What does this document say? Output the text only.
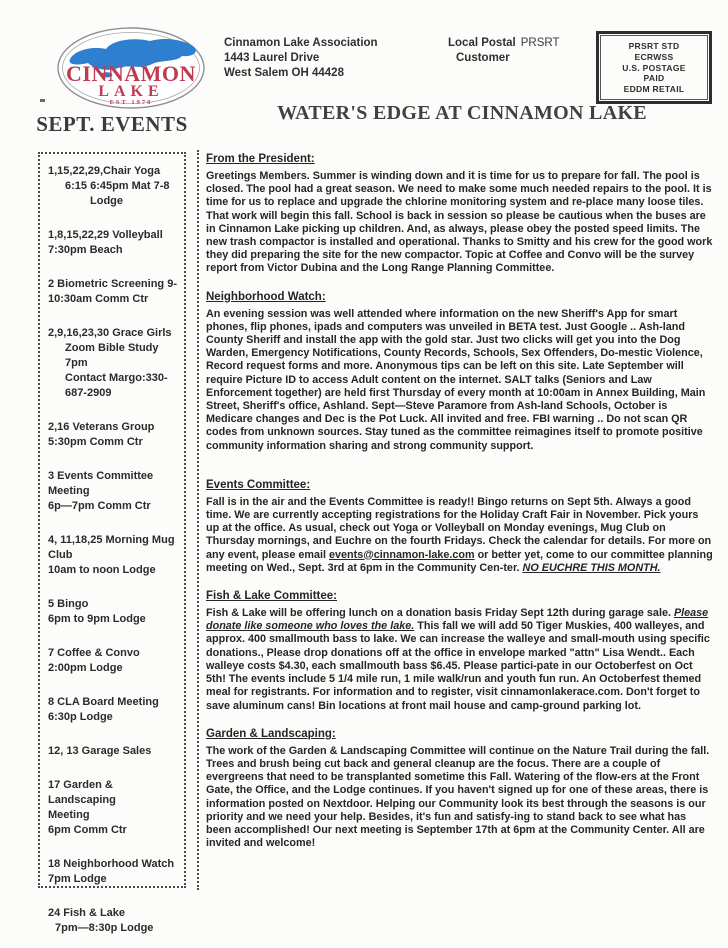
CINNAMON
LAKE
EST 1970
Cinnamon Lake Association
1443 Laurel Drive
West Salem OH 44428
Local Postal PRSRT
Customer
PRSRT STD
ECRWSS
U.S. POSTAGE
PAID
EDDM RETAIL
SEPT. EVENTS	WATER'S EDGE AT CINNAMON LAKE
1,15,22,29,Chair Yoga
6:15 6:45pm Mat 7-8
Lodge
1,8,15,22,29 Volleyball
7:30pm Beach
2 Biometric Screening 9-
10:30am Comm Ctr
2,9,16,23,30 Grace Girls
Zoom Bible Study 7pm
Contact Margo:330-687-2909
2,16 Veterans Group
5:30pm Comm Ctr
3 Events Committee Meeting
6p—7pm Comm Ctr
4, 11,18,25 Morning Mug Club
10am to noon Lodge
5 Bingo
6pm to 9pm Lodge
7 Coffee & Convo
2:00pm Lodge
8 CLA Board Meeting
6:30p Lodge
12, 13 Garage Sales
17 Garden & Landscaping
Meeting
6pm Comm Ctr
18 Neighborhood Watch
7pm Lodge
24 Fish & Lake
7pm—8:30p Lodge
From the President:

Greetings Members. Summer is winding down and it is time for us to prepare for fall. The pool is closed. The pool had a great season. We need to make some much needed repairs to the pool. It is time for us to replace and upgrade the chlorine monitoring system and re-place many loose tiles. That work will begin this fall. School is back in session so please be cautious when the buses are in Cinnamon Lake picking up children. And, as always, please obey the posted speed limits. The new trash compactor is installed and operational. Thanks to Smitty and his crew for the good work they did preparing the site for the new compactor. Topic at Coffee and Convo will be the survey report from Victor Dubina and the Long Range Planning Committee.

Neighborhood Watch:

An evening session was well attended where information on the new Sheriff's App for smart phones, flip phones, ipads and computers was unveiled in BETA test. Just Google .. Ash-land County Sheriff and install the app with the gold star. Just two clicks will get you into the Dog Warden, Emergency Notifications, County Records, Schools, Sex Offenders, Do-mestic Violence, Record request forms and more. Anonymous tips can be left on this site. Late September will require Picture ID to access Adult content on the internet. SALT talks (Seniors and Law Enforcement together) are held first Thursday of every month at 10:00am in Annex Building, Main Street, Sheriff's office, Ashland. Sept—Steve Paramore from Ash-land Schools, October is Medicare changes and Dec is the Pot Luck. All invited and free. FBI warning .. Do not scan QR codes from unknown sources. Stay tuned as the committee reimagines itself to promote positive community information sharing and strong community support.

Events Committee:

Fall is in the air and the Events Committee is ready!! Bingo returns on Sept 5th. Always a good time. We are currently accepting registrations for the Holiday Craft Fair in November. Pick yours up at the office. As usual, check out Yoga or Volleyball on Monday evenings, Mug Club on Thursday mornings, and Euchre on the fourth Fridays. Check the calendar for details. For more on any event, please email events@cinnamon-lake.com or better yet, come to our committee planning meeting on Wed., Sept. 3rd at 6pm in the Community Cen-ter. NO EUCHRE THIS MONTH.

Fish & Lake Committee:

Fish & Lake will be offering lunch on a donation basis Friday Sept 12th during garage sale. Please donate like someone who loves the lake. This fall we will add 50 Tiger Muskies, 400 walleyes, and approx. 400 smallmouth bass to lake. We can increase the walleye and small-mouth using specific donations., Please drop donations off at the office in envelope marked "attn" Lisa Wendt.. Each walleye costs $4.30, each smallmouth bass $6.45. Please partici-pate in our Octoberfest on Oct 5th! The events include 5 1/4 mile run, 1 mile walk/run and youth fun run. An Octoberfest themed meal for registrants. For information and to register, visit cinnamonlakerace.com. Don't forget to save aluminum cans! Bin locations at front mail house and camp-ground parking lot.

Garden & Landscaping:

The work of the Garden & Landscaping Committee will continue on the Nature Trail during the fall. Trees and brush being cut back and general cleanup are the focus. There are a couple of evergreens that need to be transplanted sometime this Fall. Watering of the flow-ers at the Front Gate, the Office, and the Lodge continues. If you haven't signed up for one of these areas, there is information posted on Nextdoor. Helping our Community look its best through the seasons is our priority and we need your help. Besides, it's fun and satisfy-ing to stand back to see what has been accomplished! Our next meeting is September 17th at 6pm at the Community Center. All are invited and welcome!
